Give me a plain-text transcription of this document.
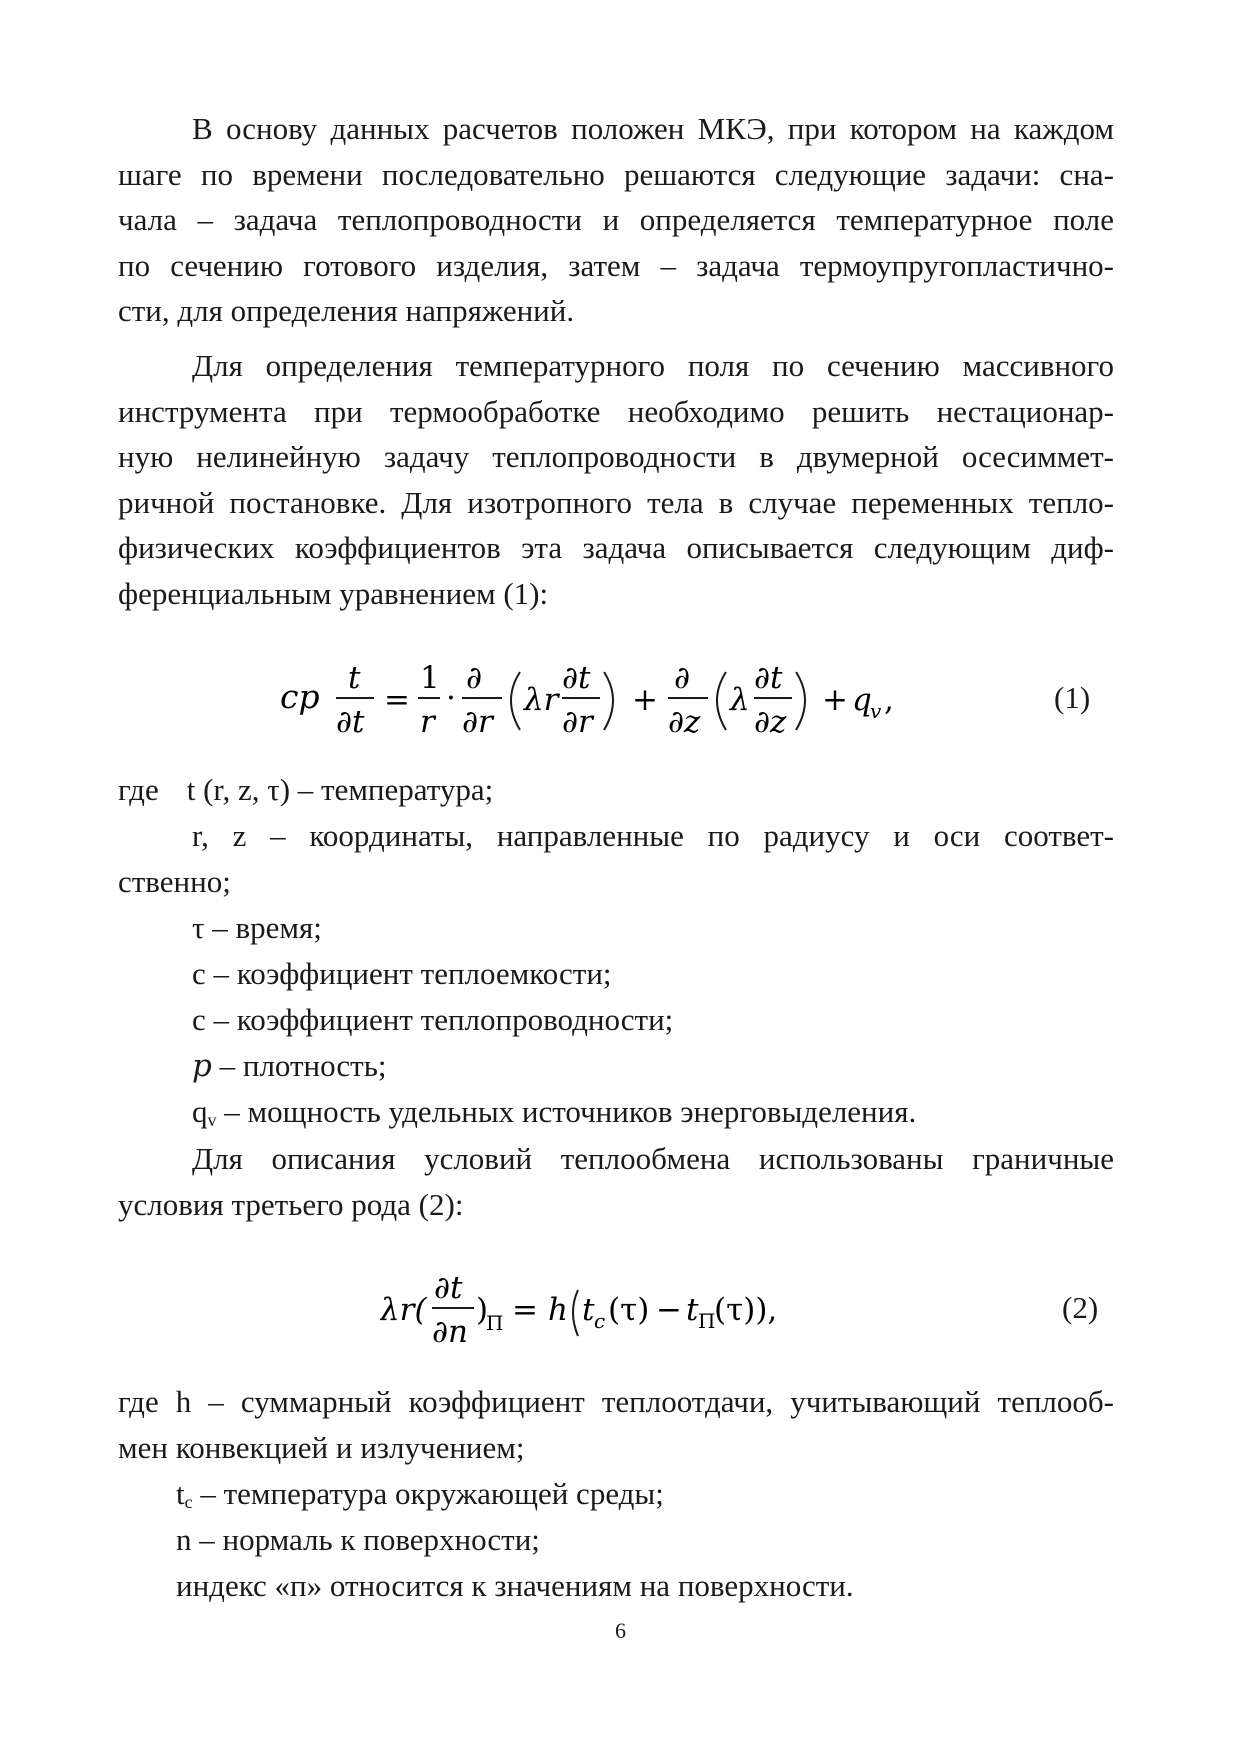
В основу данных расчетов положен МКЭ, при котором на каждом
шаге по времени последовательно решаются следующие задачи: сна-
чала – задача теплопроводности и определяется температурное поле
по сечению готового изделия, затем – задача термоупругопластично-
сти, для определения напряжений.
Для определения температурного поля по сечению массивного
инструмента при термообработке необходимо решить нестационар-
ную нелинейную задачу теплопроводности в двумерной осесиммет-
ричной постановке. Для изотропного тела в случае переменных тепло-
физических коэффициентов эта задача описывается следующим диф-
ференциальным уравнением (1):
cp t
∂t
=
1
r
·
∂
∂r
λr
∂t
∂r
+
∂
∂z
λ
∂t
∂z
+ q
v ,	(1)

где t (r, z, τ) – температура;

r, z – координаты, направленные по радиусу и оси соответ-

ственно;

τ – время;

с – коэффициент теплоемкости;

с – коэффициент теплопроводности;

p – плотность;

$q_v$ – мощность удельных источников энерговыделения.

Для описания условий теплообмена использованы граничные
условия третьего рода (2):
λr(
∂t
∂n
)
П = h t c (τ) − t П
(τ)),	(2)

где h – суммарный коэффициент теплоотдачи, учитывающий теплооб-

мен конвекцией и излучением;

$t_c$ – температура окружающей среды;

n – нормаль к поверхности;

индекс «п» относится к значениям на поверхности.

6
